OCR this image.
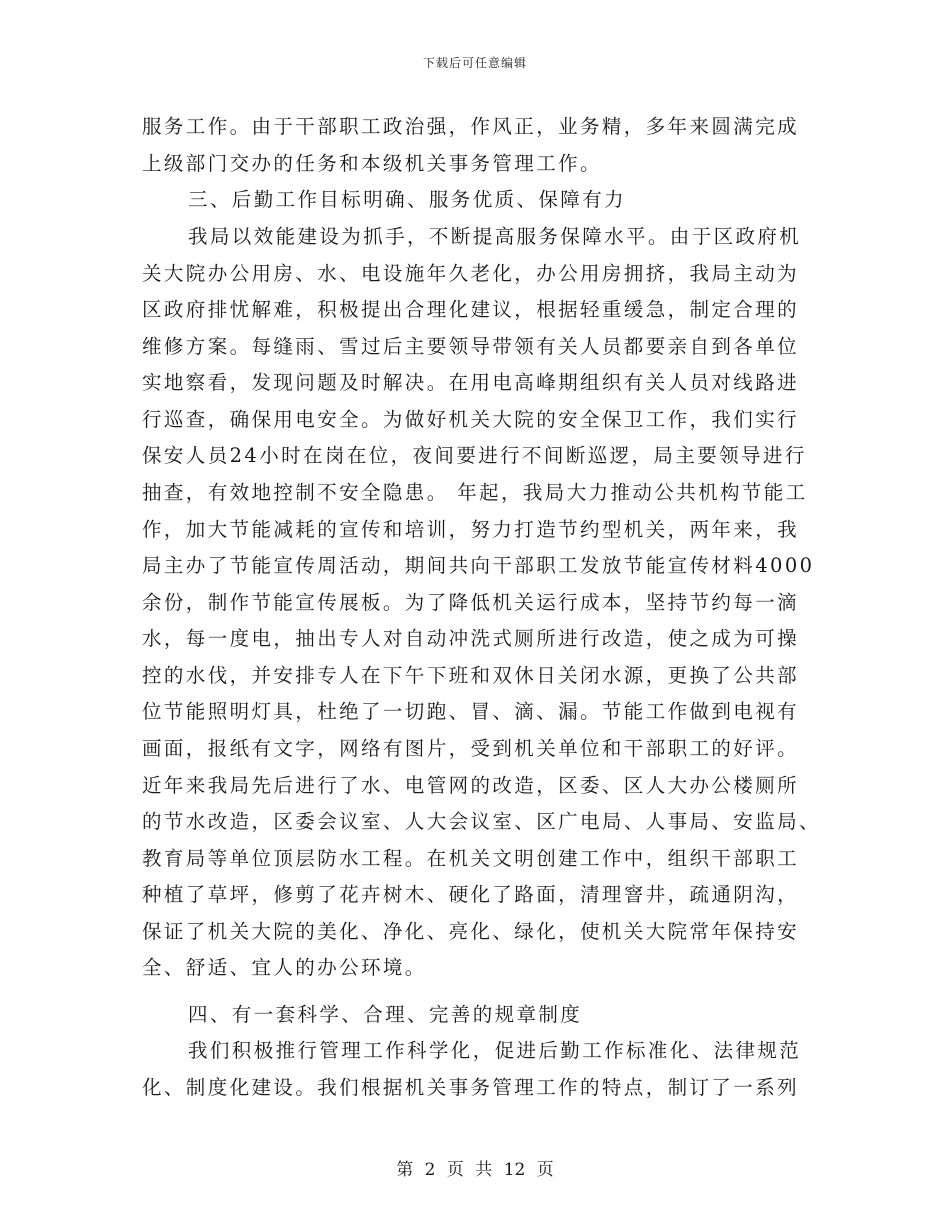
下载后可任意编辑
服务工作。由于干部职工政治强，作风正，业务精，多年来圆满完成
上级部门交办的任务和本级机关事务管理工作。
三、后勤工作目标明确、服务优质、保障有力
我局以效能建设为抓手，不断提高服务保障水平。由于区政府机
关大院办公用房、水、电设施年久老化，办公用房拥挤，我局主动为
区政府排忧解难，积极提出合理化建议，根据轻重缓急，制定合理的
维修方案。每缝雨、雪过后主要领导带领有关人员都要亲自到各单位
实地察看，发现问题及时解决。在用电高峰期组织有关人员对线路进
行巡查，确保用电安全。为做好机关大院的安全保卫工作，我们实行
保安人员24小时在岗在位，夜间要进行不间断巡逻，局主要领导进行
抽查，有效地控制不安全隐患。 年起，我局大力推动公共机构节能工
作，加大节能减耗的宣传和培训，努力打造节约型机关，两年来，我
局主办了节能宣传周活动，期间共向干部职工发放节能宣传材料4000
余份，制作节能宣传展板。为了降低机关运行成本，坚持节约每一滴
水，每一度电，抽出专人对自动冲洗式厕所进行改造，使之成为可操
控的水伐，并安排专人在下午下班和双休日关闭水源，更换了公共部
位节能照明灯具，杜绝了一切跑、冒、滴、漏。节能工作做到电视有
画面，报纸有文字，网络有图片，受到机关单位和干部职工的好评。
近年来我局先后进行了水、电管网的改造，区委、区人大办公楼厕所
的节水改造，区委会议室、人大会议室、区广电局、人事局、安监局、
教育局等单位顶层防水工程。在机关文明创建工作中，组织干部职工
种植了草坪，修剪了花卉树木、硬化了路面，清理窨井，疏通阴沟，
保证了机关大院的美化、净化、亮化、绿化，使机关大院常年保持安
全、舒适、宜人的办公环境。
四、有一套科学、合理、完善的规章制度
我们积极推行管理工作科学化，促进后勤工作标准化、法律规范
化、制度化建设。我们根据机关事务管理工作的特点，制订了一系列
第 2 页 共 12 页
